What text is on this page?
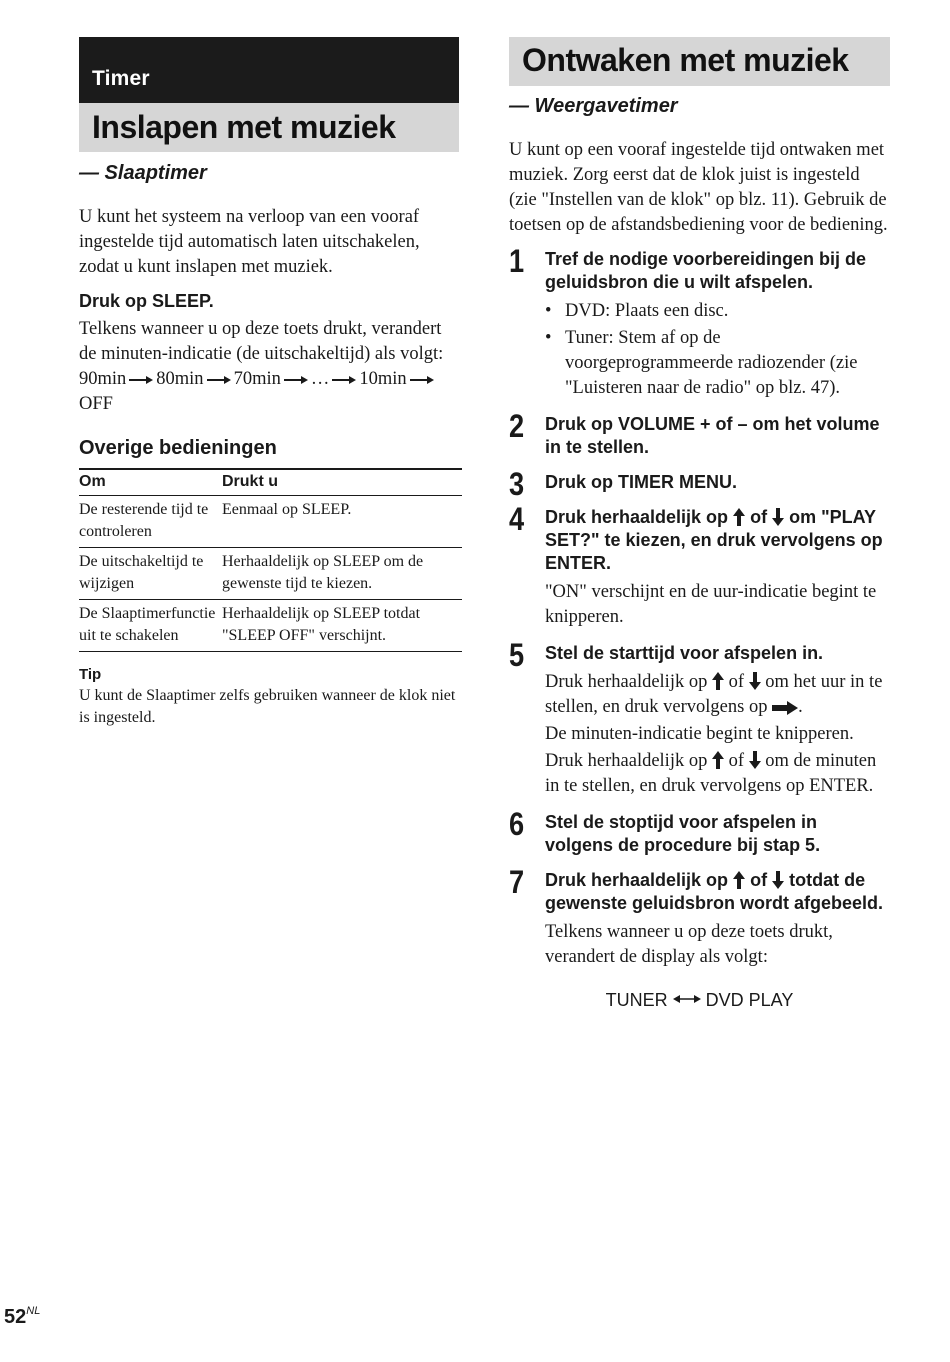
Timer
Inslapen met muziek
— Slaaptimer
U kunt het systeem na verloop van een vooraf ingestelde tijd automatisch laten uitschakelen, zodat u kunt inslapen met muziek.
Druk op SLEEP.
Telkens wanneer u op deze toets drukt, verandert de minuten-indicatie (de uitschakeltijd) als volgt:
90min 80min 70min … 10min
OFF
Overige bedieningen
Om	Drukt u
De resterende tijd te controleren	Eenmaal op SLEEP.
De uitschakeltijd te wijzigen	Herhaaldelijk op SLEEP om de gewenste tijd te kiezen.
De Slaaptimerfunctie uit te schakelen	Herhaaldelijk op SLEEP totdat "SLEEP OFF" verschijnt.
Tip
U kunt de Slaaptimer zelfs gebruiken wanneer de klok niet is ingesteld.
Ontwaken met muziek
— Weergavetimer
U kunt op een vooraf ingestelde tijd ontwaken met muziek. Zorg eerst dat de klok juist is ingesteld (zie "Instellen van de klok" op blz. 11). Gebruik de toetsen op de afstandsbediening voor de bediening.
1 Tref de nodige voorbereidingen bij de geluidsbron die u wilt afspelen.
• DVD: Plaats een disc.
• Tuner: Stem af op de voorgeprogrammeerde radiozender (zie "Luisteren naar de radio" op blz. 47).
2 Druk op VOLUME + of – om het volume in te stellen.
3 Druk op TIMER MENU.
4 Druk herhaaldelijk op of om "PLAY SET?" te kiezen, en druk vervolgens op ENTER.
"ON" verschijnt en de uur-indicatie begint te knipperen.
5 Stel de starttijd voor afspelen in.
Druk herhaaldelijk op of om het uur in te stellen, en druk vervolgens op .
De minuten-indicatie begint te knipperen.
Druk herhaaldelijk op of om de minuten in te stellen, en druk vervolgens op ENTER.
6 Stel de stoptijd voor afspelen in volgens de procedure bij stap 5.
7 Druk herhaaldelijk op of totdat de gewenste geluidsbron wordt afgebeeld.
Telkens wanneer u op deze toets drukt, verandert de display als volgt:
TUNER DVD PLAY
$52^{NL}$
